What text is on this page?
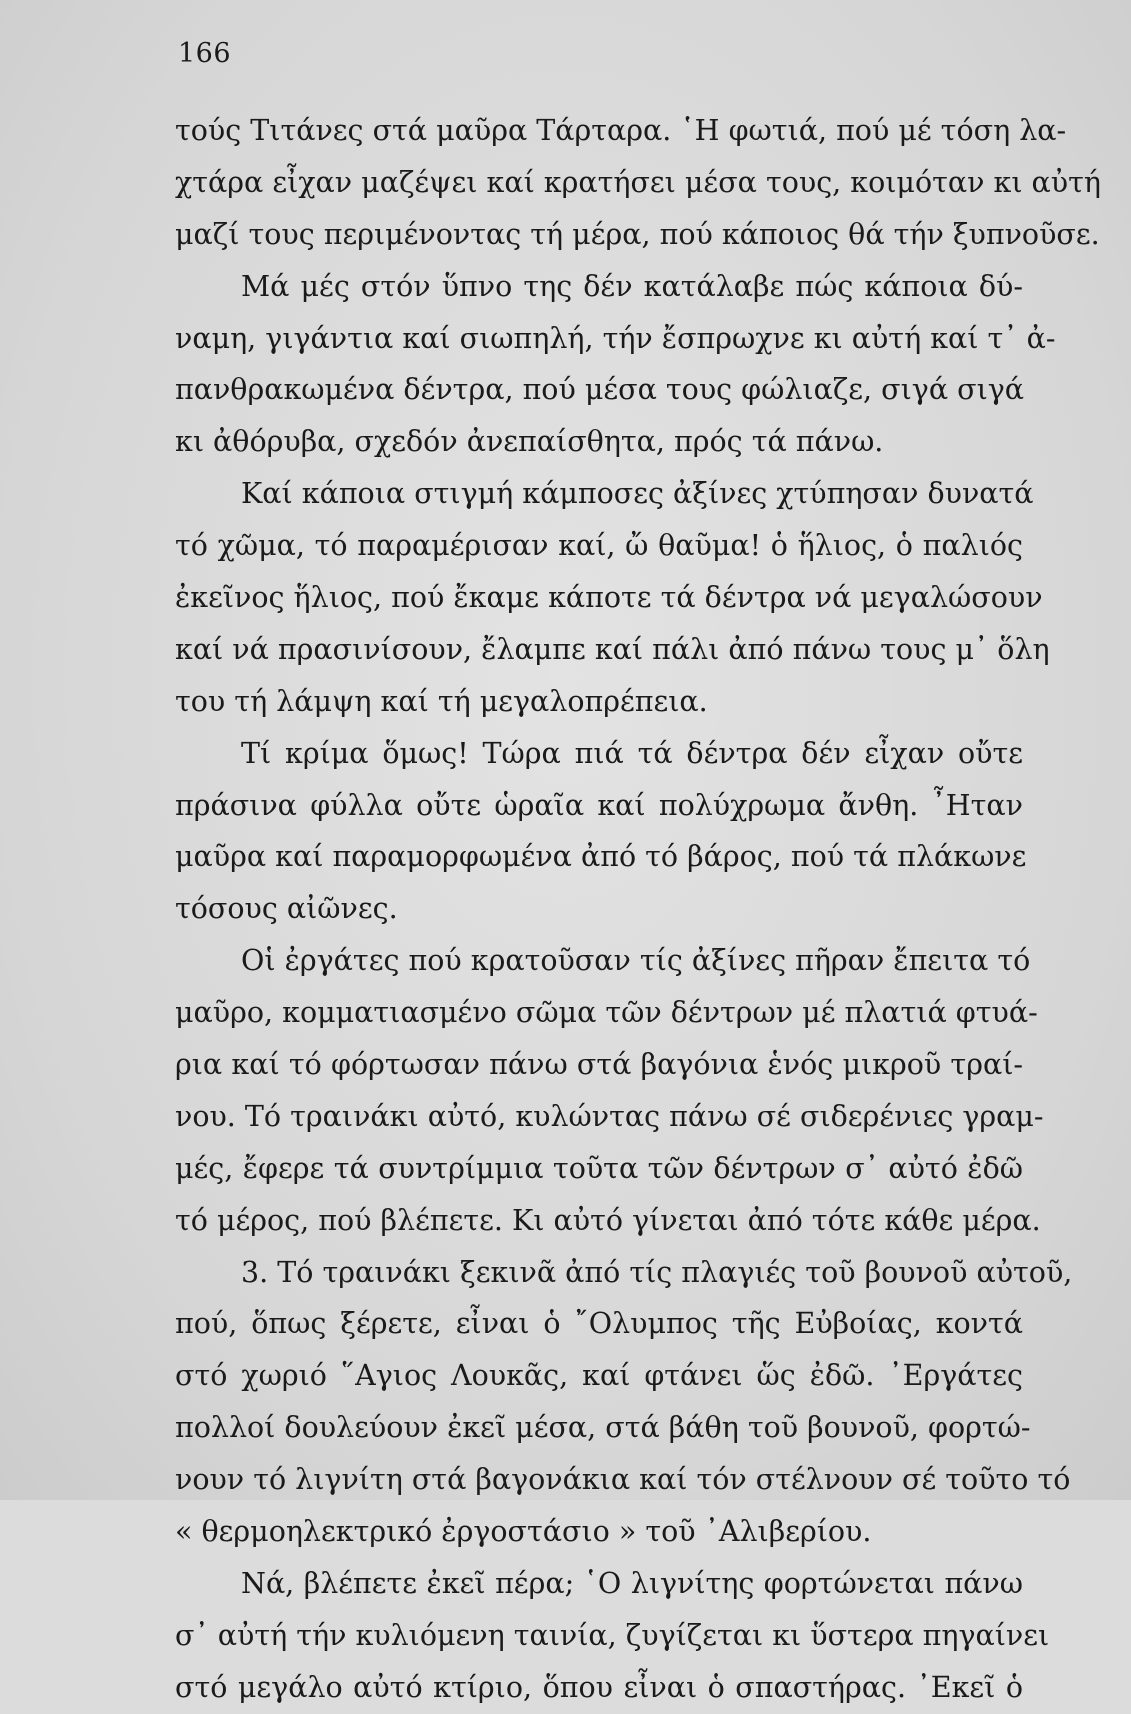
166
τούς Τιτάνες στά μαῦρα Τάρταρα. ῾Η φωτιά, πού μέ τόση λα-
χτάρα εἶχαν μαζέψει καί κρατήσει μέσα τους, κοιμόταν κι αὐτή
μαζί τους περιμένοντας τή μέρα, πού κάποιος θά τήν ξυπνοῦσε.
Μά μές στόν ὕπνο της δέν κατάλαβε πώς κάποια δύ-
ναμη, γιγάντια καί σιωπηλή, τήν ἔσπρωχνε κι αὐτή καί τ᾿ ἀ-
πανθρακωμένα δέντρα, πού μέσα τους φώλιαζε, σιγά σιγά
κι ἀθόρυβα, σχεδόν ἀνεπαίσθητα, πρός τά πάνω.
Καί κάποια στιγμή κάμποσες ἀξίνες χτύπησαν δυνατά
τό χῶμα, τό παραμέρισαν καί, ὤ θαῦμα! ὁ ἥλιος, ὁ παλιός
ἐκεῖνος ἥλιος, πού ἔκαμε κάποτε τά δέντρα νά μεγαλώσουν
καί νά πρασινίσουν, ἔλαμπε καί πάλι ἀπό πάνω τους μ᾿ ὅλη
του τή λάμψη καί τή μεγαλοπρέπεια.
Τί κρίμα ὅμως! Τώρα πιά τά δέντρα δέν εἶχαν οὔτε
πράσινα φύλλα οὔτε ὡραῖα καί πολύχρωμα ἄνθη. ῏Ηταν
μαῦρα καί παραμορφωμένα ἀπό τό βάρος, πού τά πλάκωνε
τόσους αἰῶνες.
Οἱ ἐργάτες πού κρατοῦσαν τίς ἀξίνες πῆραν ἔπειτα τό
μαῦρο, κομματιασμένο σῶμα τῶν δέντρων μέ πλατιά φτυά-
ρια καί τό φόρτωσαν πάνω στά βαγόνια ἑνός μικροῦ τραί-
νου. Τό τραινάκι αὐτό, κυλώντας πάνω σέ σιδερένιες γραμ-
μές, ἔφερε τά συντρίμμια τοῦτα τῶν δέντρων σ᾿ αὐτό ἐδῶ
τό μέρος, πού βλέπετε. Κι αὐτό γίνεται ἀπό τότε κάθε μέρα.
3. Τό τραινάκι ξεκινᾶ ἀπό τίς πλαγιές τοῦ βουνοῦ αὐτοῦ,
πού, ὅπως ξέρετε, εἶναι ὁ ῎Ολυμπος τῆς Εὐβοίας, κοντά
στό χωριό ῞Αγιος Λουκᾶς, καί φτάνει ὥς ἐδῶ. ᾿Εργάτες
πολλοί δουλεύουν ἐκεῖ μέσα, στά βάθη τοῦ βουνοῦ, φορτώ-
νουν τό λιγνίτη στά βαγονάκια καί τόν στέλνουν σέ τοῦτο τό
« θερμοηλεκτρικό ἐργοστάσιο » τοῦ ᾿Αλιβερίου.
Νά, βλέπετε ἐκεῖ πέρα; ῾Ο λιγνίτης φορτώνεται πάνω
σ᾿ αὐτή τήν κυλιόμενη ταινία, ζυγίζεται κι ὕστερα πηγαίνει
στό μεγάλο αὐτό κτίριο, ὅπου εἶναι ὁ σπαστήρας. ᾿Εκεῖ ὁ
